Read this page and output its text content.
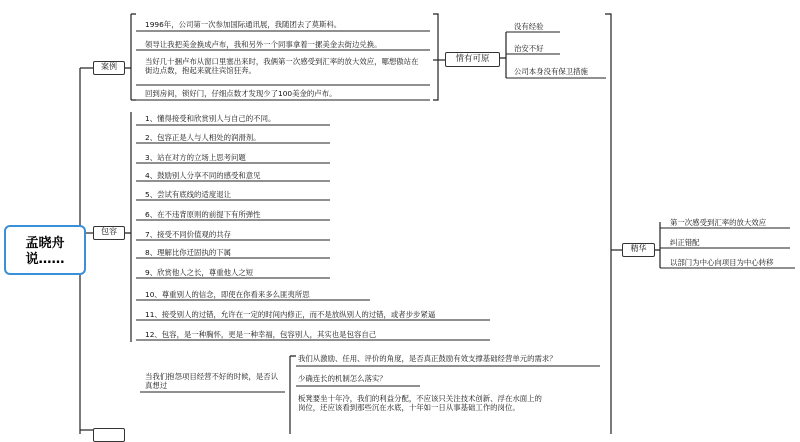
孟晓舟
说……
案例
包容
情有可原
精华
1996年，公司第一次参加国际通讯展，我随团去了莫斯科。
领导让我把美金换成卢布，我和另外一个同事拿着一摞美金去街边兑换。
当好几十捆卢布从窗口里塞出来时，我俩第一次感受到汇率的放大效应，哪想傲站在街边点数，抱起来就往宾馆狂奔。
回到房间，锁好门，仔细点数才发现少了100美金的卢布。
没有经验
治安不好
公司本身没有保卫措施
1、懂得接受和欣赏别人与自己的不同。
2、包容正是人与人相处的润滑剂。
3、站在对方的立场上思考问题
4、鼓励别人分享不同的感受和意见
5、尝试有底线的适度退让
6、在不违背原则的前提下有所弹性
7、接受不同价值观的共存
8、理解比你迁固执的下属
9、欣赏他人之长，尊重他人之短
10、尊重别人的信念，即使在你看来多么匪夷所思
11、接受别人的过错，允许在一定的时间内修正，而不是放纵别人的过错，或者步步紧逼
12、包容，是一种胸怀，更是一种幸福，包容别人，其实也是包容自己
第一次感受到汇率的放大效应
纠正错配
以部门为中心向项目为中心转移
当我们抱怨项目经营不好的时候，是否认真想过
我们从激励、任用、评价的角度，是否真正鼓励有效支撑基础经营单元的需求？
少确连长的机制怎么落实？
板凳要坐十年冷，我们的利益分配，不应该只关注技术创新、浮在水面上的岗位，还应该看到那些沉在水底，十年如一日从事基础工作的岗位。
